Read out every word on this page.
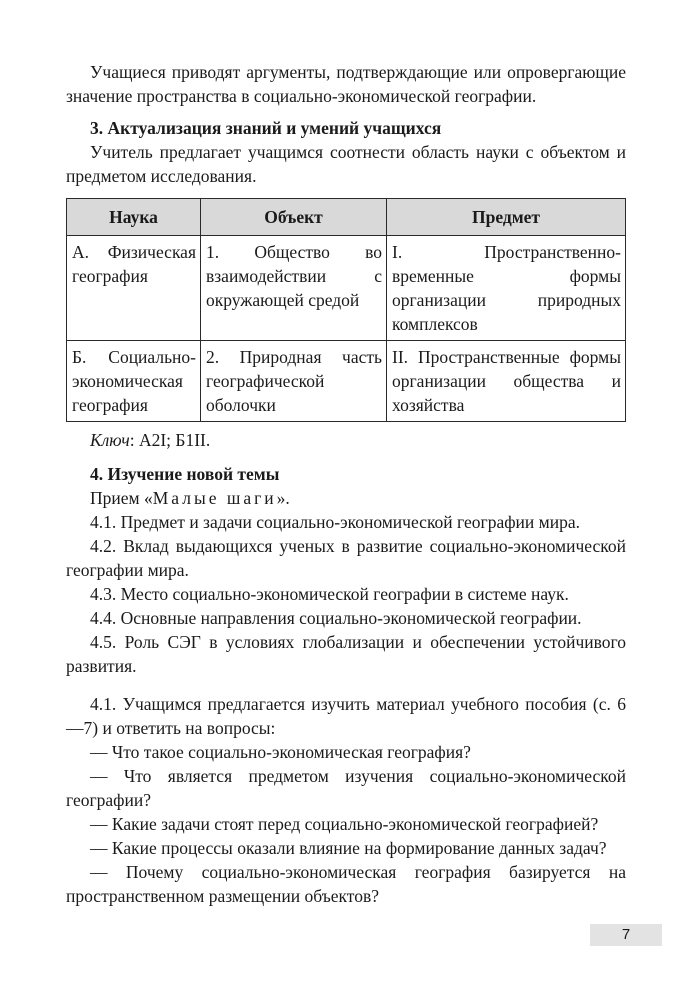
Учащиеся приводят аргументы, подтверждающие или опровергающие значение пространства в социально-экономической географии.

3. Актуализация знаний и умений учащихся

Учитель предлагает учащимся соотнести область науки с объектом и предметом исследования.

Наука	Объект	Предмет
А. Физическая география	1. Общество во взаимодействии с окружающей средой	I. Пространственно-временные формы организации природных комплексов
Б. Социально-экономическая география	2. Природная часть географической оболочки	II. Пространственные формы организации общества и хозяйства

Ключ: А2I; Б1II.

4. Изучение новой темы

Прием «Малые шаги».

4.1. Предмет и задачи социально-экономической географии мира.

4.2. Вклад выдающихся ученых в развитие социально-экономической географии мира.

4.3. Место социально-экономической географии в системе наук.

4.4. Основные направления социально-экономической географии.

4.5. Роль СЭГ в условиях глобализации и обеспечении устойчивого развития.

4.1. Учащимся предлагается изучить материал учебного пособия (с. 6—7) и ответить на вопросы:

— Что такое социально-экономическая география?

— Что является предметом изучения социально-экономической географии?

— Какие задачи стоят перед социально-экономической географией?

— Какие процессы оказали влияние на формирование данных задач?

— Почему социально-экономическая география базируется на пространственном размещении объектов?

7
